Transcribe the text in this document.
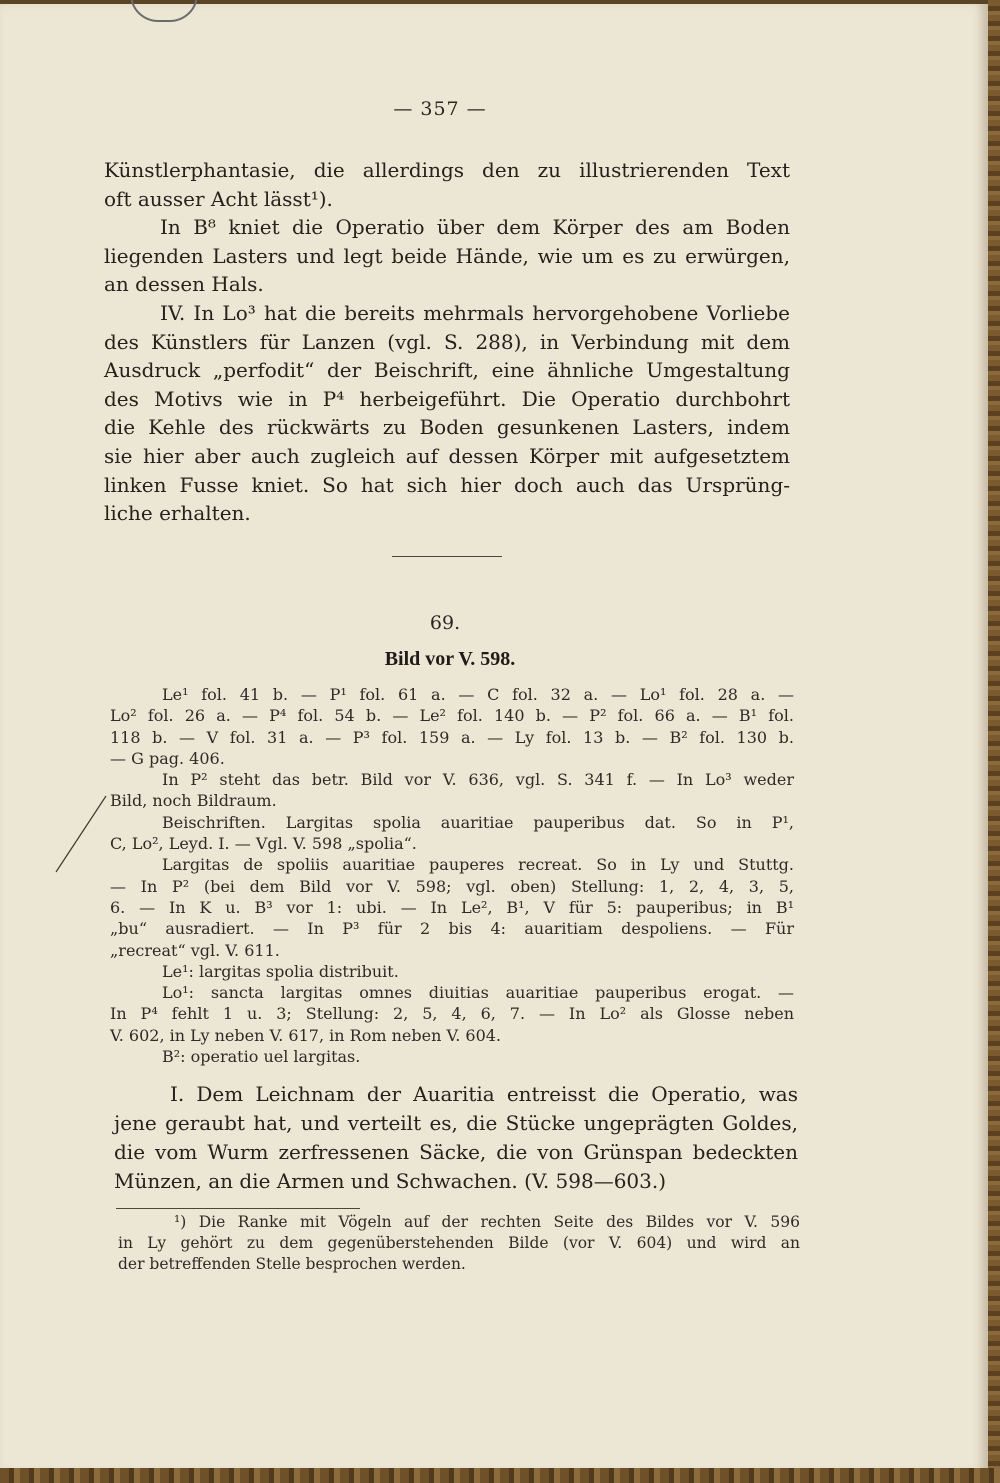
— 357 —

Künstlerphantasie, die allerdings den zu illustrierenden Text

oft ausser Acht lässt¹).

In B⁸ kniet die Operatio über dem Körper des am Boden

liegenden Lasters und legt beide Hände, wie um es zu erwürgen,

an dessen Hals.

IV. In Lo³ hat die bereits mehrmals hervorgehobene Vorliebe

des Künstlers für Lanzen (vgl. S. 288), in Verbindung mit dem

Ausdruck „perfodit“ der Beischrift, eine ähnliche Umgestaltung

des Motivs wie in P⁴ herbeigeführt. Die Operatio durchbohrt

die Kehle des rückwärts zu Boden gesunkenen Lasters, indem

sie hier aber auch zugleich auf dessen Körper mit aufgesetztem

linken Fusse kniet. So hat sich hier doch auch das Ursprüng-

liche erhalten.

69.
Bild vor V. 598.

Le¹ fol. 41 b. — P¹ fol. 61 a. — C fol. 32 a. — Lo¹ fol. 28 a. —

Lo² fol. 26 a. — P⁴ fol. 54 b. — Le² fol. 140 b. — P² fol. 66 a. — B¹ fol.

118 b. — V fol. 31 a. — P³ fol. 159 a. — Ly fol. 13 b. — B² fol. 130 b.

— G pag. 406.

In P² steht das betr. Bild vor V. 636, vgl. S. 341 f. — In Lo³ weder

Bild, noch Bildraum.

Beischriften. Largitas spolia auaritiae pauperibus dat. So in P¹,

C, Lo², Leyd. I. — Vgl. V. 598 „spolia“.

Largitas de spoliis auaritiae pauperes recreat. So in Ly und Stuttg.

— In P² (bei dem Bild vor V. 598; vgl. oben) Stellung: 1, 2, 4, 3, 5,

6. — In K u. B³ vor 1: ubi. — In Le², B¹, V für 5: pauperibus; in B¹

„bu“ ausradiert. — In P³ für 2 bis 4: auaritiam despoliens. — Für

„recreat“ vgl. V. 611.

Le¹: largitas spolia distribuit.

Lo¹: sancta largitas omnes diuitias auaritiae pauperibus erogat. —

In P⁴ fehlt 1 u. 3; Stellung: 2, 5, 4, 6, 7. — In Lo² als Glosse neben

V. 602, in Ly neben V. 617, in Rom neben V. 604.

B²: operatio uel largitas.

I. Dem Leichnam der Auaritia entreisst die Operatio, was

jene geraubt hat, und verteilt es, die Stücke ungeprägten Goldes,

die vom Wurm zerfressenen Säcke, die von Grünspan bedeckten

Münzen, an die Armen und Schwachen. (V. 598—603.)

¹) Die Ranke mit Vögeln auf der rechten Seite des Bildes vor V. 596

in Ly gehört zu dem gegenüberstehenden Bilde (vor V. 604) und wird an

der betreffenden Stelle besprochen werden.
